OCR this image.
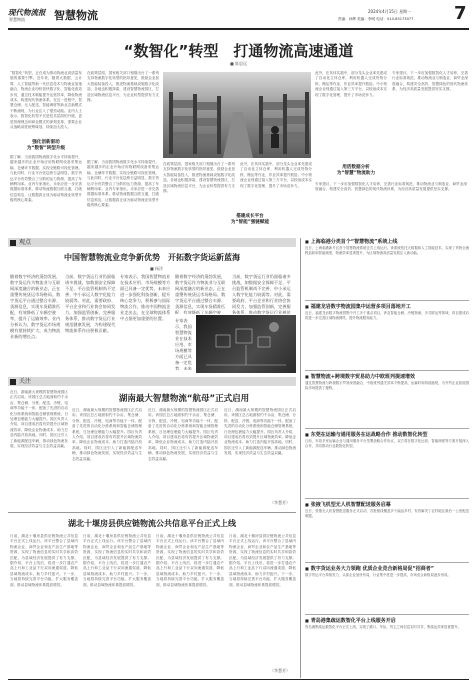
现代物流报
智慧物流	智慧物流	2024年4月15日 星期一
责编：孙辉 美编：李明 电话：010-85173077 7
“数智化”转型　打通物流高速通道
■ 陈思远
“数智化”转型，正在成为推动物流业高质量发展的重要引擎。近年来，随着大数据、云计算、人工智能等新一代信息技术与物流业加速融合，物流企业纷纷加快数字化、智能化改造步伐，通过技术赋能提升运营效率，降低物流成本，构建现代物流体系。在这一进程中，智慧仓储、无人配送、智能调度等新业态新模式不断涌现，为行业注入了强劲动能。业内人士表示，数智化转型不仅是技术层面的升级，更是管理理念和商业模式的深刻变革，需要企业从战略高度统筹谋划，持续加大投入。
强化创新驱动
为“数智”转型升级
据了解，当前我国物流数字化水平持续提升，越来越多的企业开始应用物联网设备采集运输、仓储环节数据，实现全链路可视化管理。与此同时，行业平台化趋势日益明显，数字货运平台有效整合了分散的运力资源，提高了车辆利用率。业内专家指出，未来应进一步完善数据标准体系，推动物流数据互联互通，打破信息孤岛，让数据真正成为驱动物流业转型升级的核心要素。
在政策层面，国家相关部门相继出台了一系列支持物流数字化转型的指导意见，鼓励企业加大智能装备投入，推进物流基础设施数字化改造。各地也积极探索，建设智慧物流园区，打造区域物流信息平台，为企业转型提供有力支撑。
此外，在具体实践中，部分龙头企业率先建成了自动化立体仓库，利用机器人完成货物分拣、搬运等作业，作业效率提升数倍。中小物流企业则通过接入第三方平台，以较低成本实现了数字化管理，提升了市场竞争力。
专家建议，下一步应加强数智化人才培养，完善行业标准规范，推动物流业与制造业、商贸业深度融合，构建安全高效、智慧绿色的现代物流体系，为经济高质量发展提供坚实支撑。
据了解，当前我国物流数字化水平持续提升，越来越多的企业开始应用物联网设备采集运输、仓储环节数据，实现全链路可视化管理。与此同时，行业平台化趋势日益明显，数字货运平台有效整合了分散的运力资源，提高了车辆利用率。业内专家指出，未来应进一步完善数据标准体系，推动物流数据互联互通，打破信息孤岛，让数据真正成为驱动物流业转型升级的核心要素。
在政策层面，国家相关部门相继出台了一系列支持物流数字化转型的指导意见，鼓励企业加大智能装备投入，推进物流基础设施数字化改造。各地也积极探索，建设智慧物流园区，打造区域物流信息平台，为企业转型提供有力支撑。
此外，在具体实践中，部分龙头企业率先建成了自动化立体仓库，利用机器人完成货物分拣、搬运等作业，作业效率提升数倍。中小物流企业则通过接入第三方平台，以较低成本实现了数字化管理，提升了市场竞争力。
搭建成长平台
为“智能”强链赋能
用活数据分析
为“智慧”物流助力
专家建议，下一步应加强数智化人才培养，完善行业标准规范，推动物流业与制造业、商贸业深度融合，构建安全高效、智慧绿色的现代物流体系，为经济高质量发展提供坚实支撑。
观点
中国智慧物流业竞争新优势　开拓数字货运新蓝海
■ 杨洋
随着数字经济的蓬勃发展，数字货运作为物流业与互联网深度融合的新业态，正在重塑传统货运市场格局。数字货运平台通过整合车源、货源信息，实现车货精准匹配，有效降低了车辆空驶率，提升了运输效率。业内分析认为，数字货运市场规模有望持续扩大，成为物流业新的增长点。
当前，数字货运行业仍面临诸多挑战，如数据安全保障不足、平台监管机制尚不完善、中小承运人数字化能力较弱等。对此，需要政府、平台企业和行业协会协同发力，加强监管创新，完善服务体系，推动数字货运行业规范健康发展，为构建现代物流体系作出积极贡献。
专家表示，我国智慧物流业在技术应用、市场规模等方面已具备一定优势，未来应进一步强化科技创新，提升核心竞争力，积极参与国际物流合作，推动中国物流企业走出去，在全球物流体系中占据更加重要的位置。
随着数字经济的蓬勃发展，数字货运作为物流业与互联网深度融合的新业态，正在重塑传统货运市场格局。数字货运平台通过整合车源、货源信息，实现车货精准匹配，有效降低了车辆空驶
当前，数字货运行业仍面临诸多挑战，如数据安全保障不足、平台监管机制尚不完善、中小承运人数字化能力较弱等。对此，需要政府、平台企业和行业协会协同发力，加强监管创新，完善服务体系，推动数字货运行业规范
专家表示，我国智慧物流业在技术应用、市场规模等方面已具备一定优势，未来
关注
近日，湖南最大规模的智慧物流园区正式启用。该园区总占地面积约千余亩，集仓储、分拣、配送、冷链、电商等功能于一体，配备了先进的自动化分拣系统和智能仓储管理系统，日处理包裹能力大幅提升。园区负责人介绍，项目建成后将有效提升区域物流效率，降低企业物流成本，助力打造内陆开放高地。同时，园区还引入了新能源配送车辆，推动绿色物流发展，实现经济效益与生态效益双赢。
湖南最大智慧物流“航母”正式启用
近日，湖南最大规模的智慧物流园区正式启用。该园区总占地面积约千余亩，集仓储、分拣、配送、冷链、电商等功能于一体，配备了先进的自动化分拣系统和智能仓储管理系统，日处理包裹能力大幅提升。园区负责人介绍，项目建成后将有效提升区域物流效率，降低企业物流成本，助力打造内陆开放高地。同时，园区还引入了新能源配送车辆，推动绿色物流发展，实现经济效益与生态效益双赢。
近日，湖南最大规模的智慧物流园区正式启用。该园区总占地面积约千余亩，集仓储、分拣、配送、冷链、电商等功能于一体，配备了先进的自动化分拣系统和智能仓储管理系统，日处理包裹能力大幅提升。园区负责人介绍，项目建成后将有效提升区域物流效率，降低企业物流成本，助力打造内陆开放高地。同时，园区还引入了新能源配送车辆，推动绿色物流发展，实现经济效益与生态效益双赢。
近日，湖南最大规模的智慧物流园区正式启用。该园区总占地面积约千余亩，集仓储、分拣、配送、冷链、电商等功能于一体，配备了先进的自动化分拣系统和智能仓储管理系统，日处理包裹能力大幅提升。园区负责人介绍，项目建成后将有效提升区域物流效率，降低企业物流成本，助力打造内陆开放高地。同时，园区还引入了新能源配送车辆，推动绿色物流发展，实现经济效益与生态效益双赢。
（李慧芳）
湖北十堰房县供应链物流公共信息平台正式上线
日前，湖北十堰房县供应链物流公共信息平台正式上线运行。该平台整合了县域内物流企业、商贸企业和农产品生产基地等资源，实现了物流信息的实时共享和高效匹配，为县域经济发展提供了有力支撑。据介绍，平台上线后，将进一步打通农产品上行和工业品下行双向流通渠道，降低县域物流成本，助力乡村振兴。下一步，当地将持续完善平台功能，扩大服务覆盖面，推动县域物流体系提质增效。
日前，湖北十堰房县供应链物流公共信息平台正式上线运行。该平台整合了县域内物流企业、商贸企业和农产品生产基地等资源，实现了物流信息的实时共享和高效匹配，为县域经济发展提供了有力支撑。据介绍，平台上线后，将进一步打通农产品上行和工业品下行双向流通渠道，降低县域物流成本，助力乡村振兴。下一步，当地将持续完善平台功能，扩大服务覆盖面，推动县域物流体系提质增效。
日前，湖北十堰房县供应链物流公共信息平台正式上线运行。该平台整合了县域内物流企业、商贸企业和农产品生产基地等资源，实现了物流信息的实时共享和高效匹配，为县域经济发展提供了有力支撑。据介绍，平台上线后，将进一步打通农产品上行和工业品下行双向流通渠道，降低县域物流成本，助力乡村振兴。下一步，当地将持续完善平台功能，扩大服务覆盖面，推动县域物流体系提质增效。
日前，湖北十堰房县供应链物流公共信息平台正式上线运行。该平台整合了县域内物流企业、商贸企业和农产品生产基地等资源，实现了物流信息的实时共享和高效匹配，为县域经济发展提供了有力支撑。据介绍，平台上线后，将进一步打通农产品上行和工业品下行双向流通渠道，降低县域物流成本，助力乡村振兴。下一步，当地将持续完善平台功能，扩大服务覆盖面，推动县域物流体系提质增效。
（李慧芳）
■ 上海临港分类首个“智慧物流”系统上线
近日，上海临港新片区首个智慧物流系统正式上线运行。该系统依托大数据和人工智能技术，实现了货物全流程追踪和智能调度，物流效率显著提升，为区域物流高质量发展注入新动能。
■ 福建龙岩数字物流园集中运营多项目落地开工
近日，福建龙岩数字物流园集中开工多个重点项目，涉及智能仓储、冷链物流、多式联运等领域，项目建成后将进一步完善区域物流网络，提升物流服务能力。
■ 智慧物流+跨境数字贸易助力中欧班列提速增效
通过智慧物流与跨境数字贸易深度融合，中欧班列通关效率不断提高，运输时间持续缩短，为外贸企业拓展国际市场提供了便利。
■ 东莞在运输与通用服务在运战略合作 推动数智化转型
日前，东莞多家运输企业与通用服务平台签署战略合作协议，双方将在数字化运营、智能调度等方面开展深入合作，共同推动行业数智化转型。
■ 张掖飞机型无人机智慧配送服务启幕
近日，张掖无人机智慧配送服务正式启动，首批航线覆盖多个偏远乡村，有效解决了农村地区最后一公里配送难题。
■ 数字货运业务大力领跑 优质企业竞合新格局促“招商者”
数字货运平台持续发力，头部企业加快布局，行业集中度进一步提高，市场竞合新格局逐步形成。
■ 青岛港集疏运数智化平台上线服务开启
青岛港集疏运数智化平台正式上线，实现了港口、车队、货主之间信息实时共享，集疏运效率显著提升。
